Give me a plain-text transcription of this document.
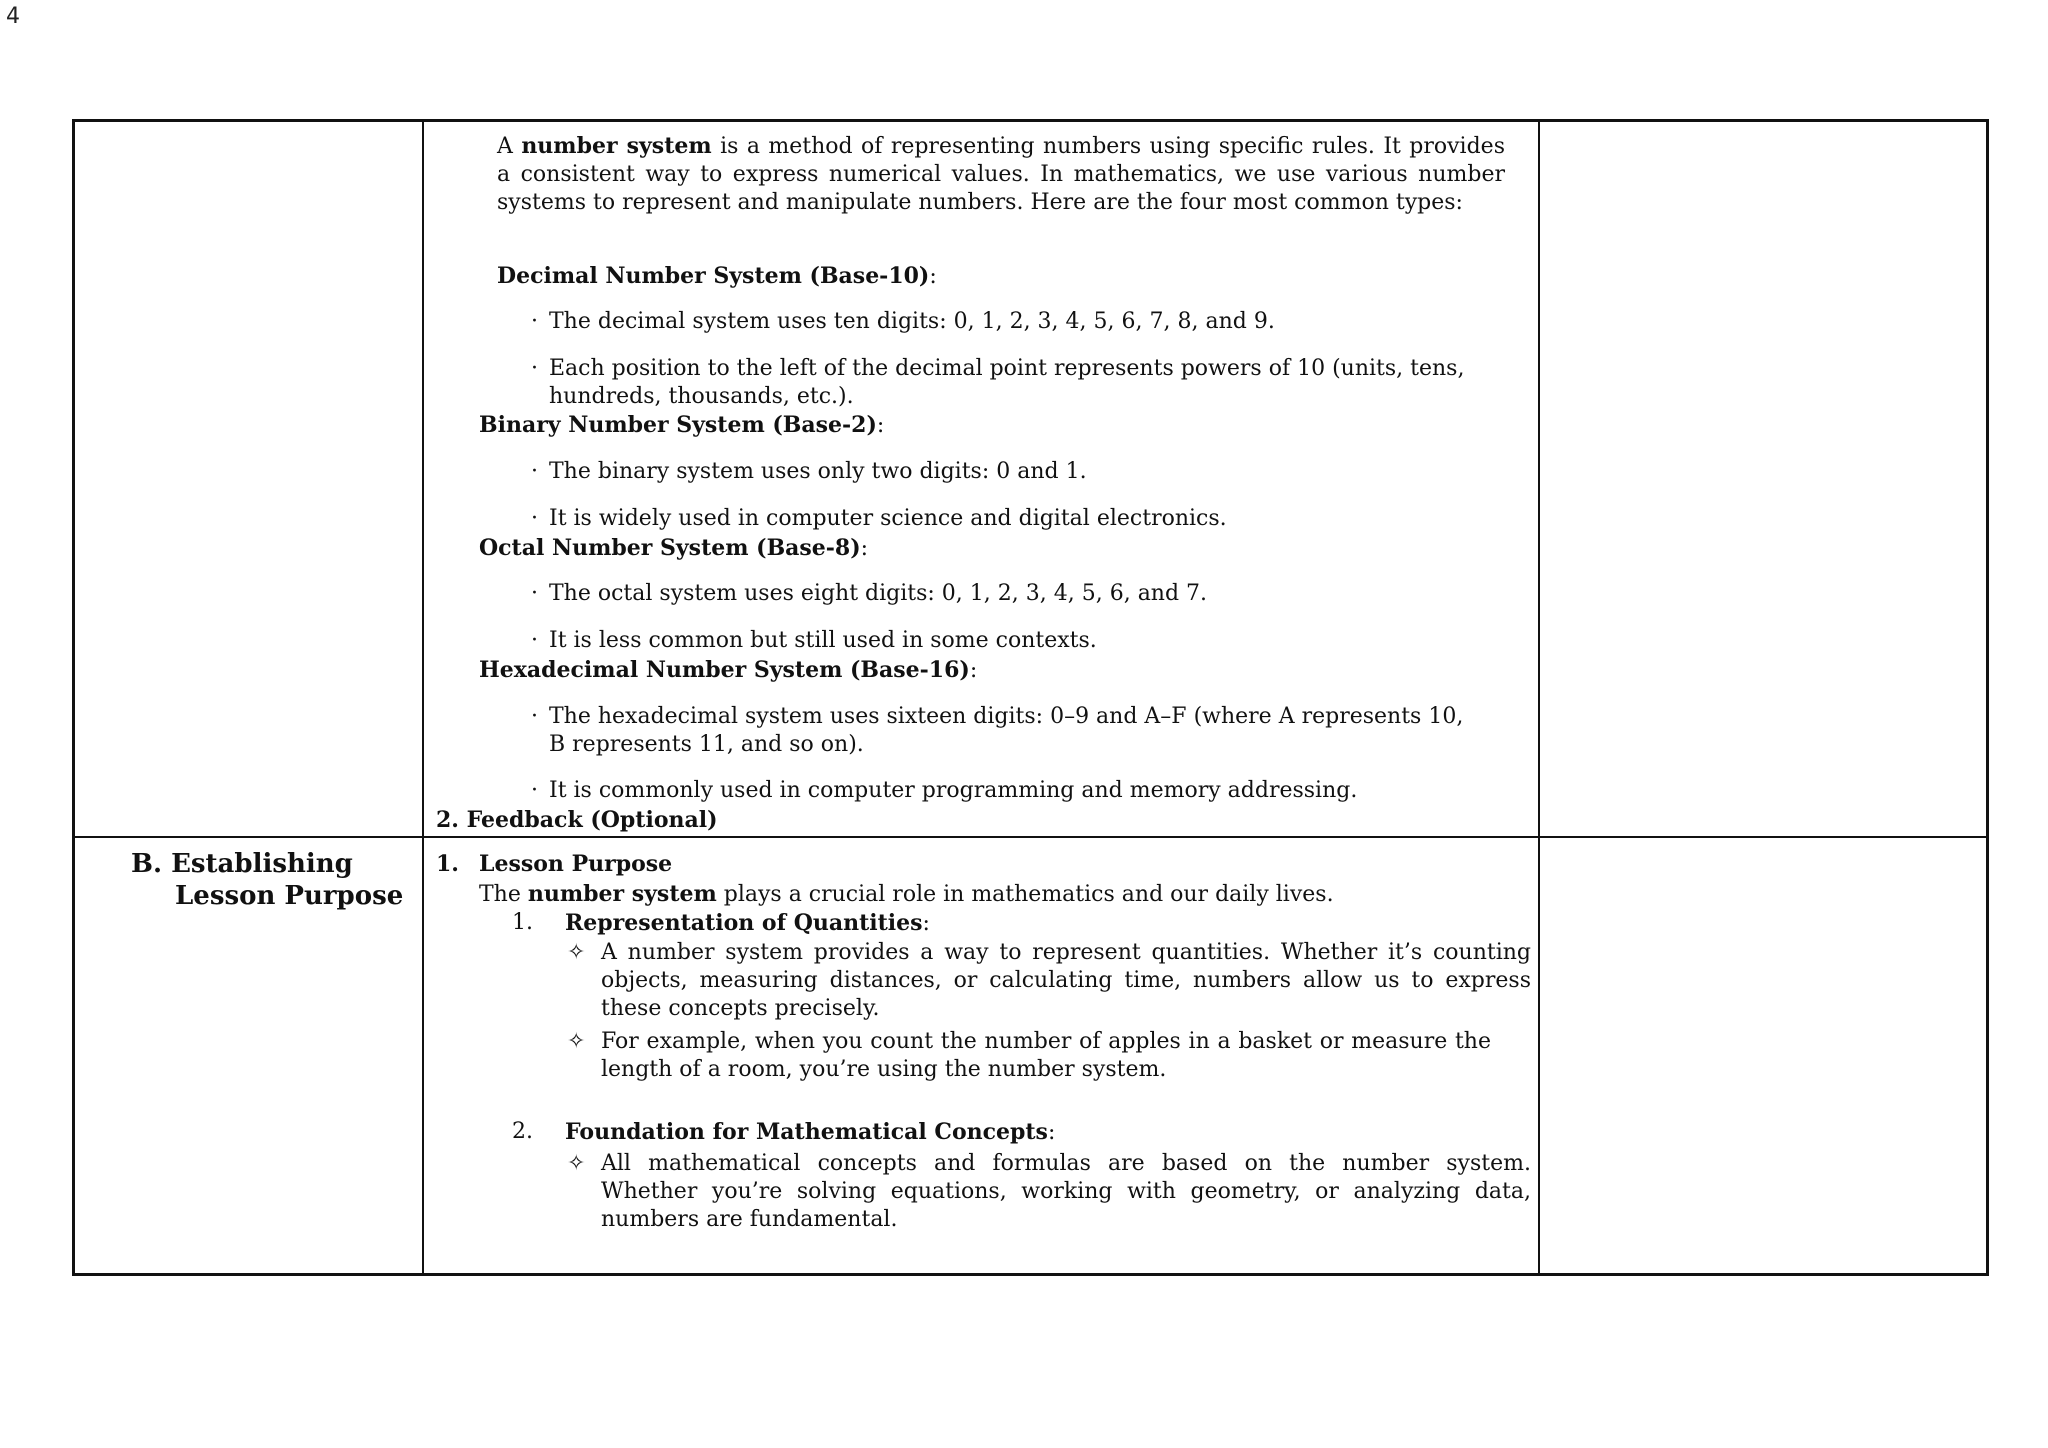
4
A number system is a method of representing numbers using specific rules. It provides a consistent way to express numerical values. In mathematics, we use various number systems to represent and manipulate numbers. Here are the four most common types:
Decimal Number System (Base-10):
· The decimal system uses ten digits: 0, 1, 2, 3, 4, 5, 6, 7, 8, and 9.
· Each position to the left of the decimal point represents powers of 10 (units, tens,
hundreds, thousands, etc.).
Binary Number System (Base-2):
· The binary system uses only two digits: 0 and 1.
· It is widely used in computer science and digital electronics.
Octal Number System (Base-8):
· The octal system uses eight digits: 0, 1, 2, 3, 4, 5, 6, and 7.
· It is less common but still used in some contexts.
Hexadecimal Number System (Base-16):
· The hexadecimal system uses sixteen digits: 0–9 and A–F (where A represents 10,
B represents 11, and so on).
· It is commonly used in computer programming and memory addressing.
2. Feedback (Optional)
B. Establishing
Lesson Purpose
1. Lesson Purpose
The number system plays a crucial role in mathematics and our daily lives.
1. Representation of Quantities:
✧ A number system provides a way to represent quantities. Whether it’s counting objects, measuring distances, or calculating time, numbers allow us to express these concepts precisely.
✧ For example, when you count the number of apples in a basket or measure the length of a room, you’re using the number system.
2. Foundation for Mathematical Concepts:
✧ All mathematical concepts and formulas are based on the number system. Whether you’re solving equations, working with geometry, or analyzing data, numbers are fundamental.
